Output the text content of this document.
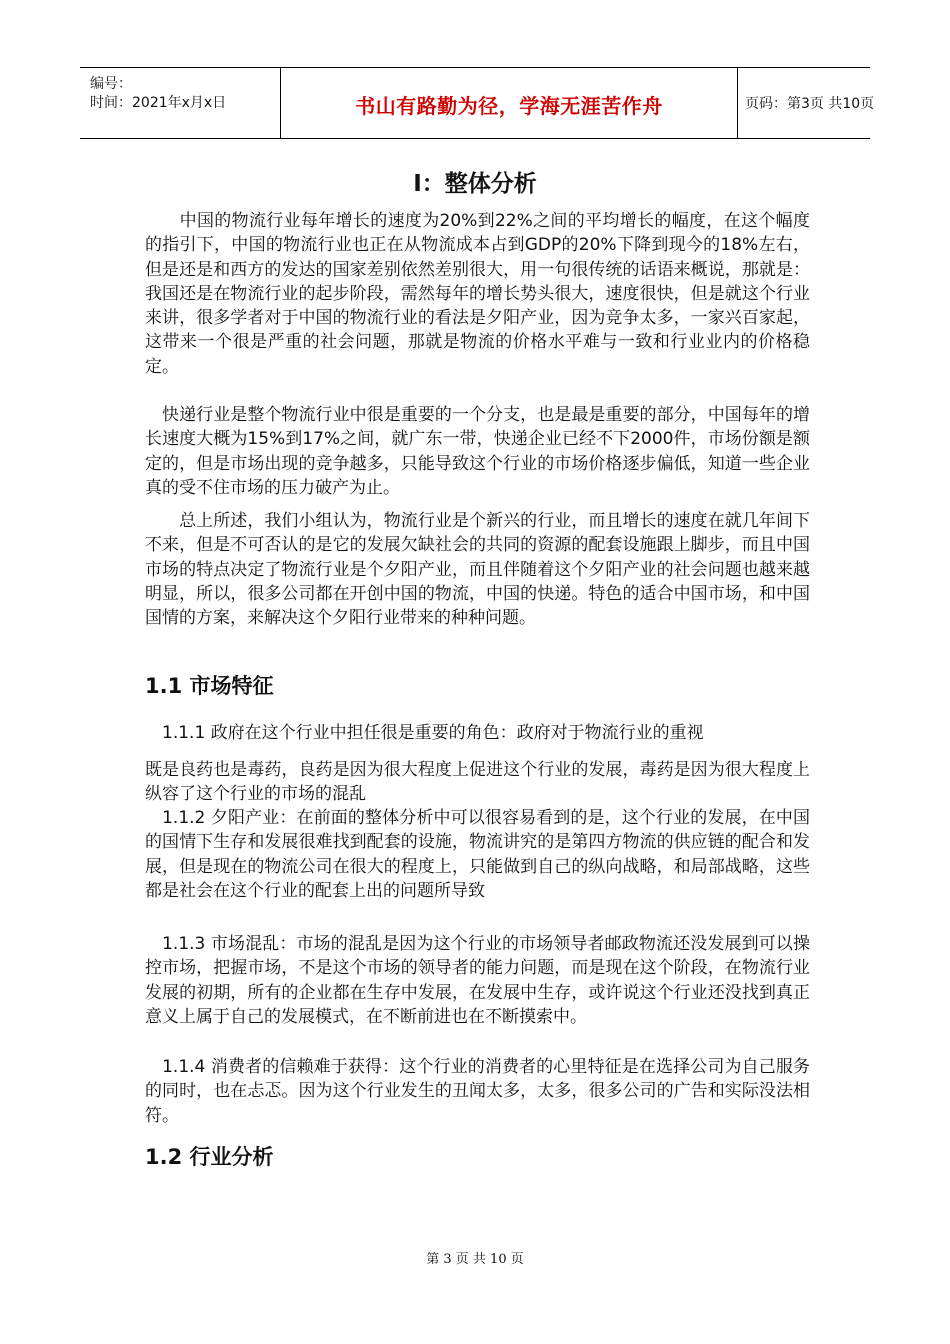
编号：
时间：2021年x月x日	书山有路勤为径，学海无涯苦作舟	页码：第3页 共10页
I：整体分析

　　中国的物流行业每年增长的速度为20%到22%之间的平均增长的幅度，在这个幅度的指引下，中国的物流行业也正在从物流成本占到GDP的20%下降到现今的18%左右，但是还是和西方的发达的国家差别依然差别很大，用一句很传统的话语来概说，那就是：我国还是在物流行业的起步阶段，需然每年的增长势头很大，速度很快，但是就这个行业来讲，很多学者对于中国的物流行业的看法是夕阳产业，因为竞争太多，一家兴百家起，这带来一个很是严重的社会问题，那就是物流的价格水平难与一致和行业业内的价格稳定。

　快递行业是整个物流行业中很是重要的一个分支，也是最是重要的部分，中国每年的增长速度大概为15%到17%之间，就广东一带，快递企业已经不下2000件，市场份额是额定的，但是市场出现的竞争越多，只能导致这个行业的市场价格逐步偏低，知道一些企业真的受不住市场的压力破产为止。

　　总上所述，我们小组认为，物流行业是个新兴的行业，而且增长的速度在就几年间下不来，但是不可否认的是它的发展欠缺社会的共同的资源的配套设施跟上脚步，而且中国市场的特点决定了物流行业是个夕阳产业，而且伴随着这个夕阳产业的社会问题也越来越明显，所以，很多公司都在开创中国的物流，中国的快递。特色的适合中国市场，和中国国情的方案，来解决这个夕阳行业带来的种种问题。

1.1 市场特征

　1.1.1 政府在这个行业中担任很是重要的角色：政府对于物流行业的重视

既是良药也是毒药，良药是因为很大程度上促进这个行业的发展，毒药是因为很大程度上纵容了这个行业的市场的混乱

　1.1.2 夕阳产业：在前面的整体分析中可以很容易看到的是，这个行业的发展，在中国的国情下生存和发展很难找到配套的设施，物流讲究的是第四方物流的供应链的配合和发展，但是现在的物流公司在很大的程度上，只能做到自己的纵向战略，和局部战略，这些都是社会在这个行业的配套上出的问题所导致

　1.1.3 市场混乱：市场的混乱是因为这个行业的市场领导者邮政物流还没发展到可以操控市场，把握市场，不是这个市场的领导者的能力问题，而是现在这个阶段，在物流行业发展的初期，所有的企业都在生存中发展，在发展中生存，或许说这个行业还没找到真正意义上属于自己的发展模式，在不断前进也在不断摸索中。

　1.1.4 消费者的信赖难于获得：这个行业的消费者的心里特征是在选择公司为自己服务的同时，也在忐忑。因为这个行业发生的丑闻太多，太多，很多公司的广告和实际没法相符。

1.2 行业分析
第 3 页 共 10 页
